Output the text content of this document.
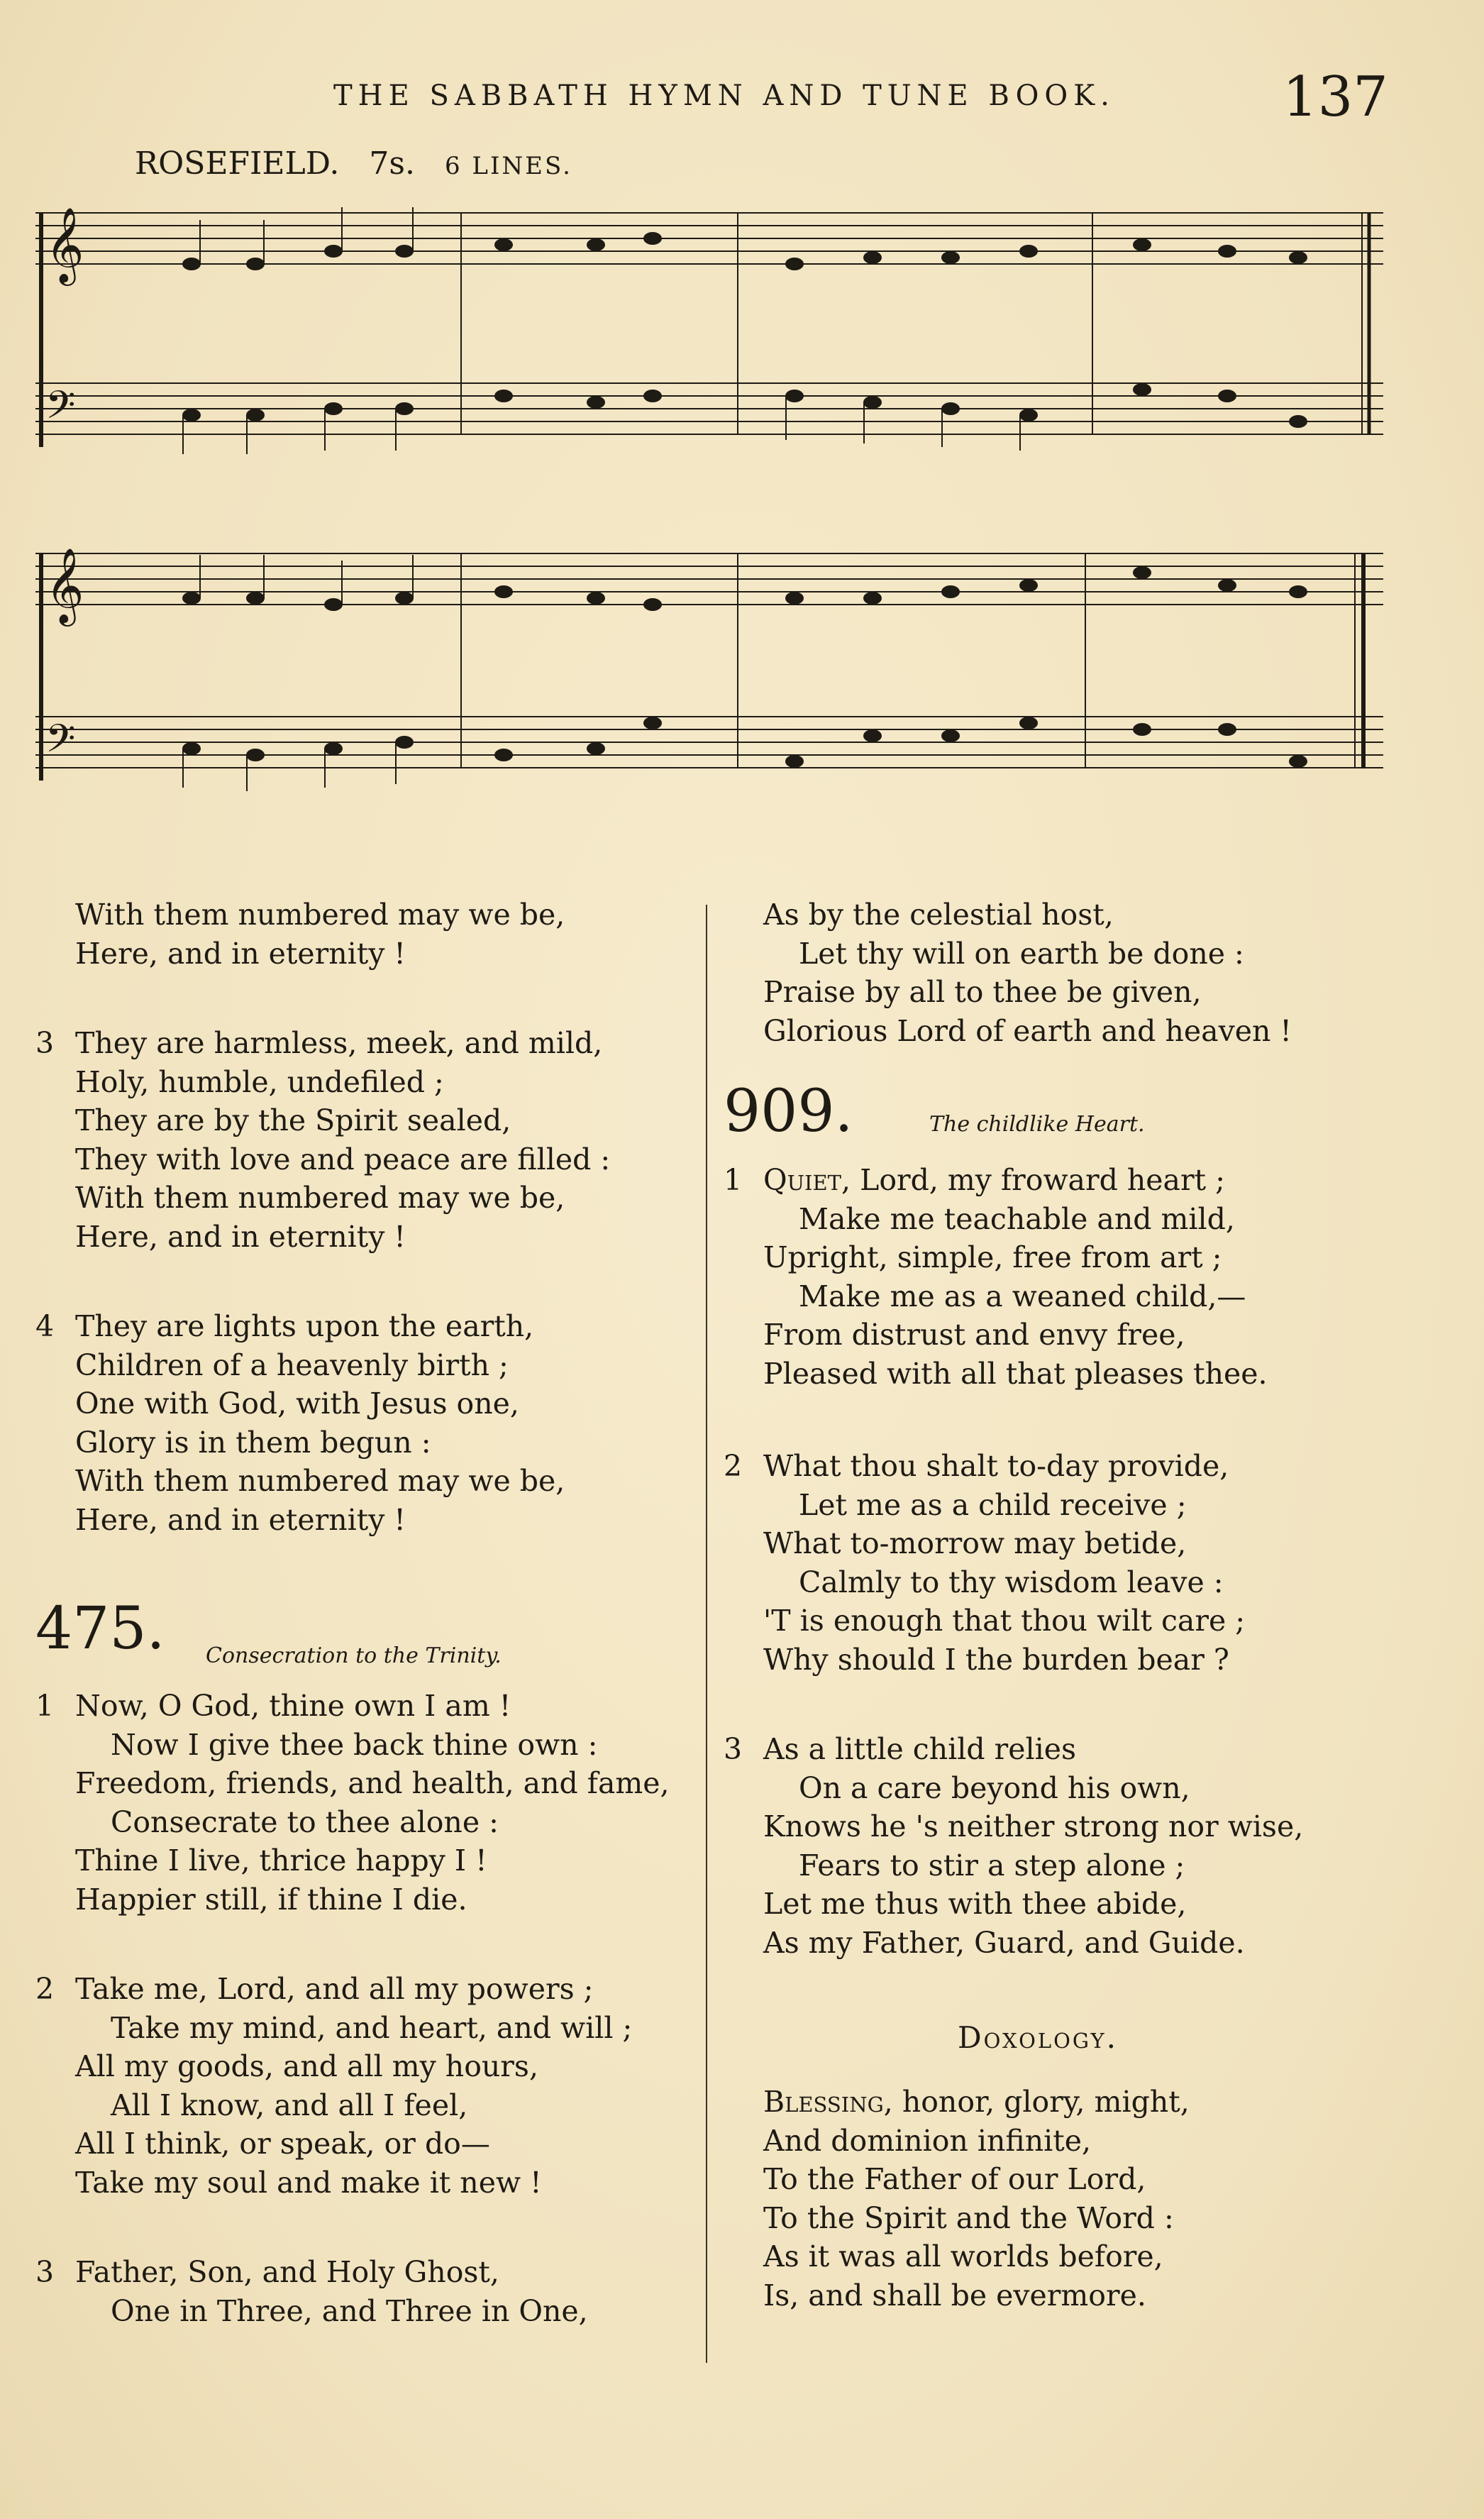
THE SABBATH HYMN AND TUNE BOOK.	137
ROSEFIELD. 7s. 6 LINES.
𝄞
𝄢
𝄞
𝄢
With them numbered may we be,
Here, and in eternity !
3 They are harmless, meek, and mild,
Holy, humble, undefiled ;
They are by the Spirit sealed,
They with love and peace are filled :
With them numbered may we be,
Here, and in eternity !
4 They are lights upon the earth,
Children of a heavenly birth ;
One with God, with Jesus one,
Glory is in them begun :
With them numbered may we be,
Here, and in eternity !
475. Consecration to the Trinity.
1 Now, O God, thine own I am !
Now I give thee back thine own :
Freedom, friends, and health, and fame,
Consecrate to thee alone :
Thine I live, thrice happy I !
Happier still, if thine I die.
2 Take me, Lord, and all my powers ;
Take my mind, and heart, and will ;
All my goods, and all my hours,
All I know, and all I feel,
All I think, or speak, or do—
Take my soul and make it new !
3 Father, Son, and Holy Ghost,
One in Three, and Three in One,
As by the celestial host,
Let thy will on earth be done :
Praise by all to thee be given,
Glorious Lord of earth and heaven !
909.	The childlike Heart.
1 Quiet, Lord, my froward heart ;
Make me teachable and mild,
Upright, simple, free from art ;
Make me as a weaned child,—
From distrust and envy free,
Pleased with all that pleases thee.
2 What thou shalt to-day provide,
Let me as a child receive ;
What to-morrow may betide,
Calmly to thy wisdom leave :
'T is enough that thou wilt care ;
Why should I the burden bear ?
3 As a little child relies
On a care beyond his own,
Knows he 's neither strong nor wise,
Fears to stir a step alone ;
Let me thus with thee abide,
As my Father, Guard, and Guide.
Doxology.
Blessing, honor, glory, might,
And dominion infinite,
To the Father of our Lord,
To the Spirit and the Word :
As it was all worlds before,
Is, and shall be evermore.
